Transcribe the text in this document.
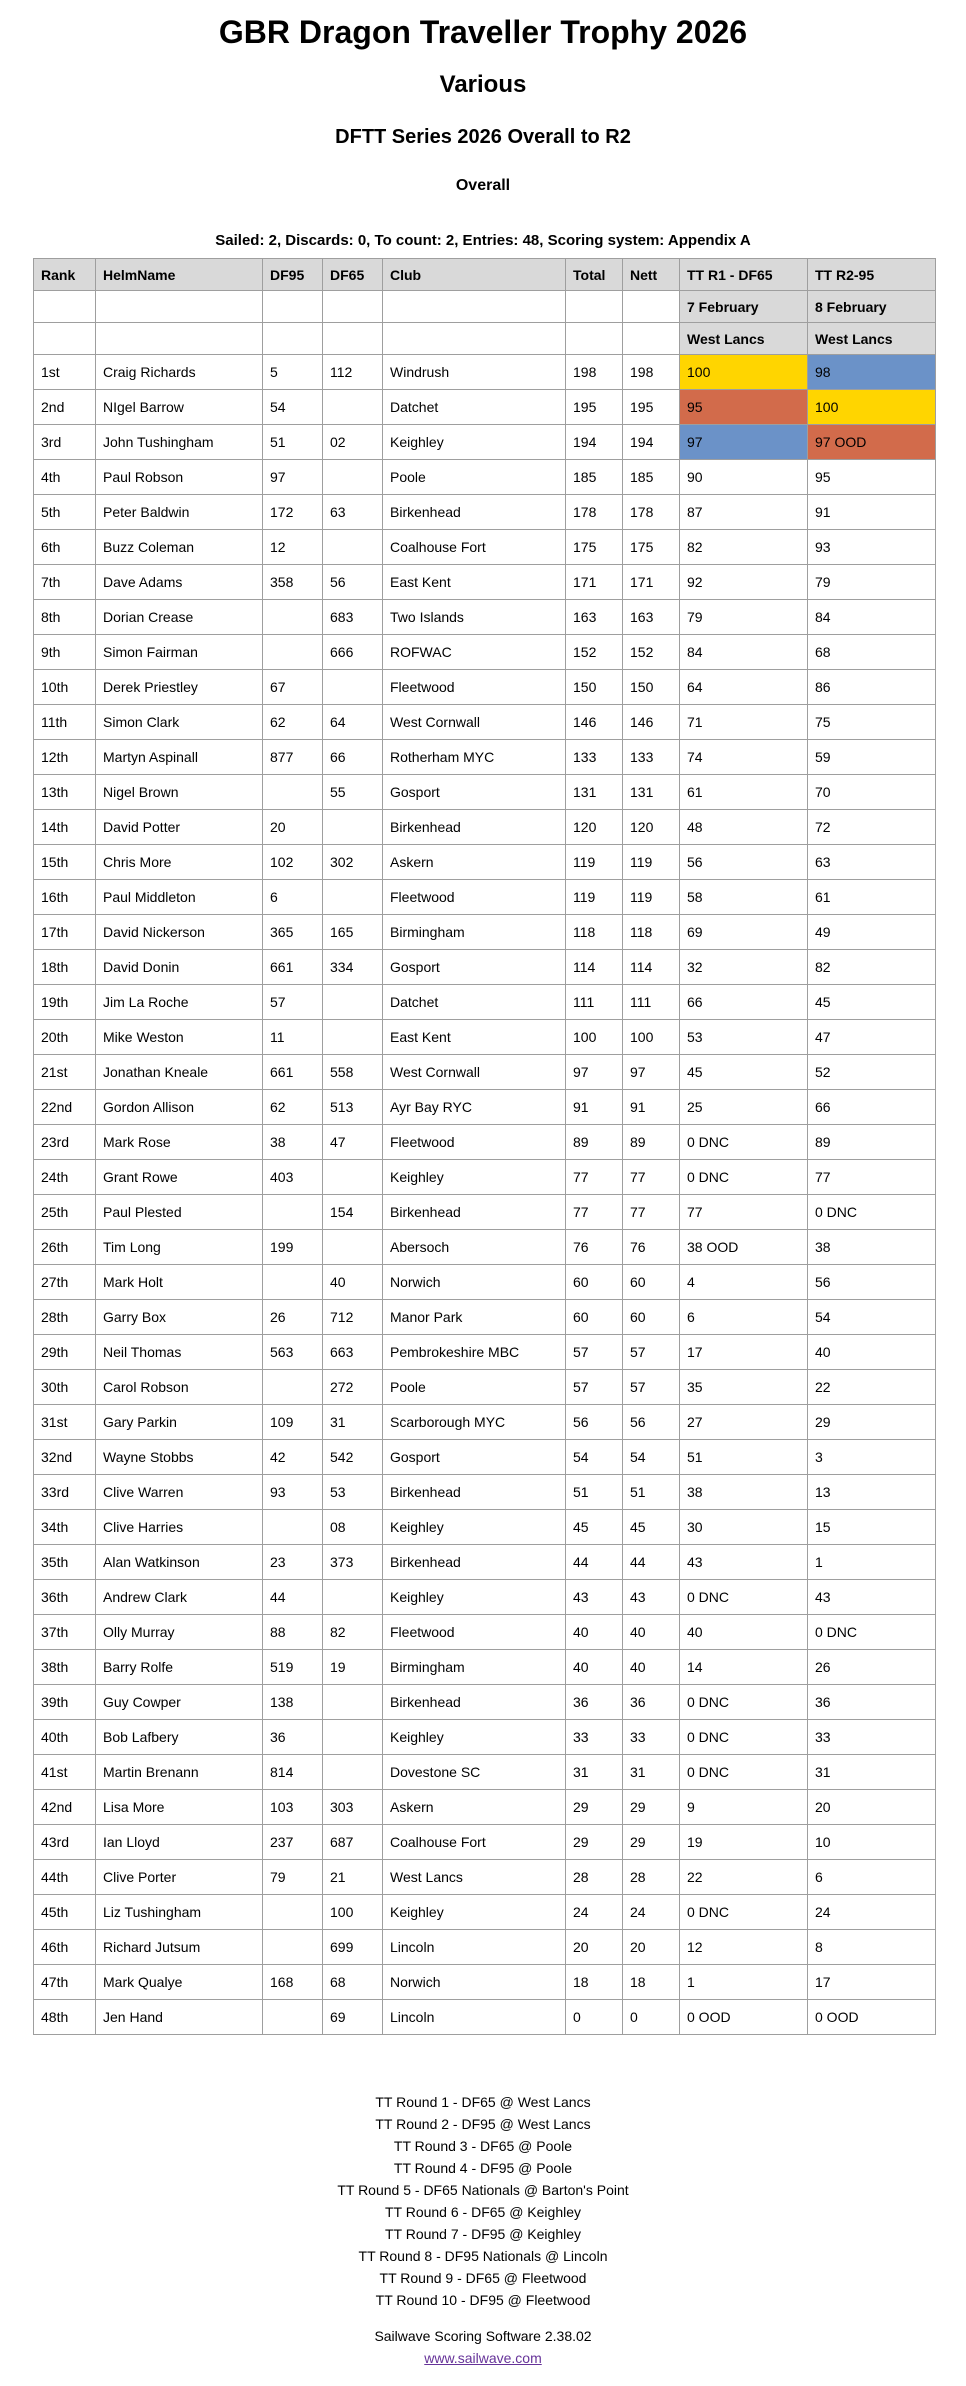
GBR Dragon Traveller Trophy 2026
Various
DFTT Series 2026 Overall to R2
Overall
Sailed: 2, Discards: 0, To count: 2, Entries: 48, Scoring system: Appendix A
Rank	HelmName	DF95	DF65	Club	Total	Nett	TT R1 - DF65	TT R2-95
							7 February	8 February
							West Lancs	West Lancs
1st	Craig Richards	5	112	Windrush	198	198	100	98
2nd	NIgel Barrow	54		Datchet	195	195	95	100
3rd	John Tushingham	51	02	Keighley	194	194	97	97 OOD
4th	Paul Robson	97		Poole	185	185	90	95
5th	Peter Baldwin	172	63	Birkenhead	178	178	87	91
6th	Buzz Coleman	12		Coalhouse Fort	175	175	82	93
7th	Dave Adams	358	56	East Kent	171	171	92	79
8th	Dorian Crease		683	Two Islands	163	163	79	84
9th	Simon Fairman		666	ROFWAC	152	152	84	68
10th	Derek Priestley	67		Fleetwood	150	150	64	86
11th	Simon Clark	62	64	West Cornwall	146	146	71	75
12th	Martyn Aspinall	877	66	Rotherham MYC	133	133	74	59
13th	Nigel Brown		55	Gosport	131	131	61	70
14th	David Potter	20		Birkenhead	120	120	48	72
15th	Chris More	102	302	Askern	119	119	56	63
16th	Paul Middleton	6		Fleetwood	119	119	58	61
17th	David Nickerson	365	165	Birmingham	118	118	69	49
18th	David Donin	661	334	Gosport	114	114	32	82
19th	Jim La Roche	57		Datchet	111	111	66	45
20th	Mike Weston	11		East Kent	100	100	53	47
21st	Jonathan Kneale	661	558	West Cornwall	97	97	45	52
22nd	Gordon Allison	62	513	Ayr Bay RYC	91	91	25	66
23rd	Mark Rose	38	47	Fleetwood	89	89	0 DNC	89
24th	Grant Rowe	403		Keighley	77	77	0 DNC	77
25th	Paul Plested		154	Birkenhead	77	77	77	0 DNC
26th	Tim Long	199		Abersoch	76	76	38 OOD	38
27th	Mark Holt		40	Norwich	60	60	4	56
28th	Garry Box	26	712	Manor Park	60	60	6	54
29th	Neil Thomas	563	663	Pembrokeshire MBC	57	57	17	40
30th	Carol Robson		272	Poole	57	57	35	22
31st	Gary Parkin	109	31	Scarborough MYC	56	56	27	29
32nd	Wayne Stobbs	42	542	Gosport	54	54	51	3
33rd	Clive Warren	93	53	Birkenhead	51	51	38	13
34th	Clive Harries		08	Keighley	45	45	30	15
35th	Alan Watkinson	23	373	Birkenhead	44	44	43	1
36th	Andrew Clark	44		Keighley	43	43	0 DNC	43
37th	Olly Murray	88	82	Fleetwood	40	40	40	0 DNC
38th	Barry Rolfe	519	19	Birmingham	40	40	14	26
39th	Guy Cowper	138		Birkenhead	36	36	0 DNC	36
40th	Bob Lafbery	36		Keighley	33	33	0 DNC	33
41st	Martin Brenann	814		Dovestone SC	31	31	0 DNC	31
42nd	Lisa More	103	303	Askern	29	29	9	20
43rd	Ian Lloyd	237	687	Coalhouse Fort	29	29	19	10
44th	Clive Porter	79	21	West Lancs	28	28	22	6
45th	Liz Tushingham		100	Keighley	24	24	0 DNC	24
46th	Richard Jutsum		699	Lincoln	20	20	12	8
47th	Mark Qualye	168	68	Norwich	18	18	1	17
48th	Jen Hand		69	Lincoln	0	0	0 OOD	0 OOD
TT Round 1 - DF65 @ West Lancs
TT Round 2 - DF95 @ West Lancs
TT Round 3 - DF65 @ Poole
TT Round 4 - DF95 @ Poole
TT Round 5 - DF65 Nationals @ Barton's Point
TT Round 6 - DF65 @ Keighley
TT Round 7 - DF95 @ Keighley
TT Round 8 - DF95 Nationals @ Lincoln
TT Round 9 - DF65 @ Fleetwood
TT Round 10 - DF95 @ Fleetwood
Sailwave Scoring Software 2.38.02
www.sailwave.com
